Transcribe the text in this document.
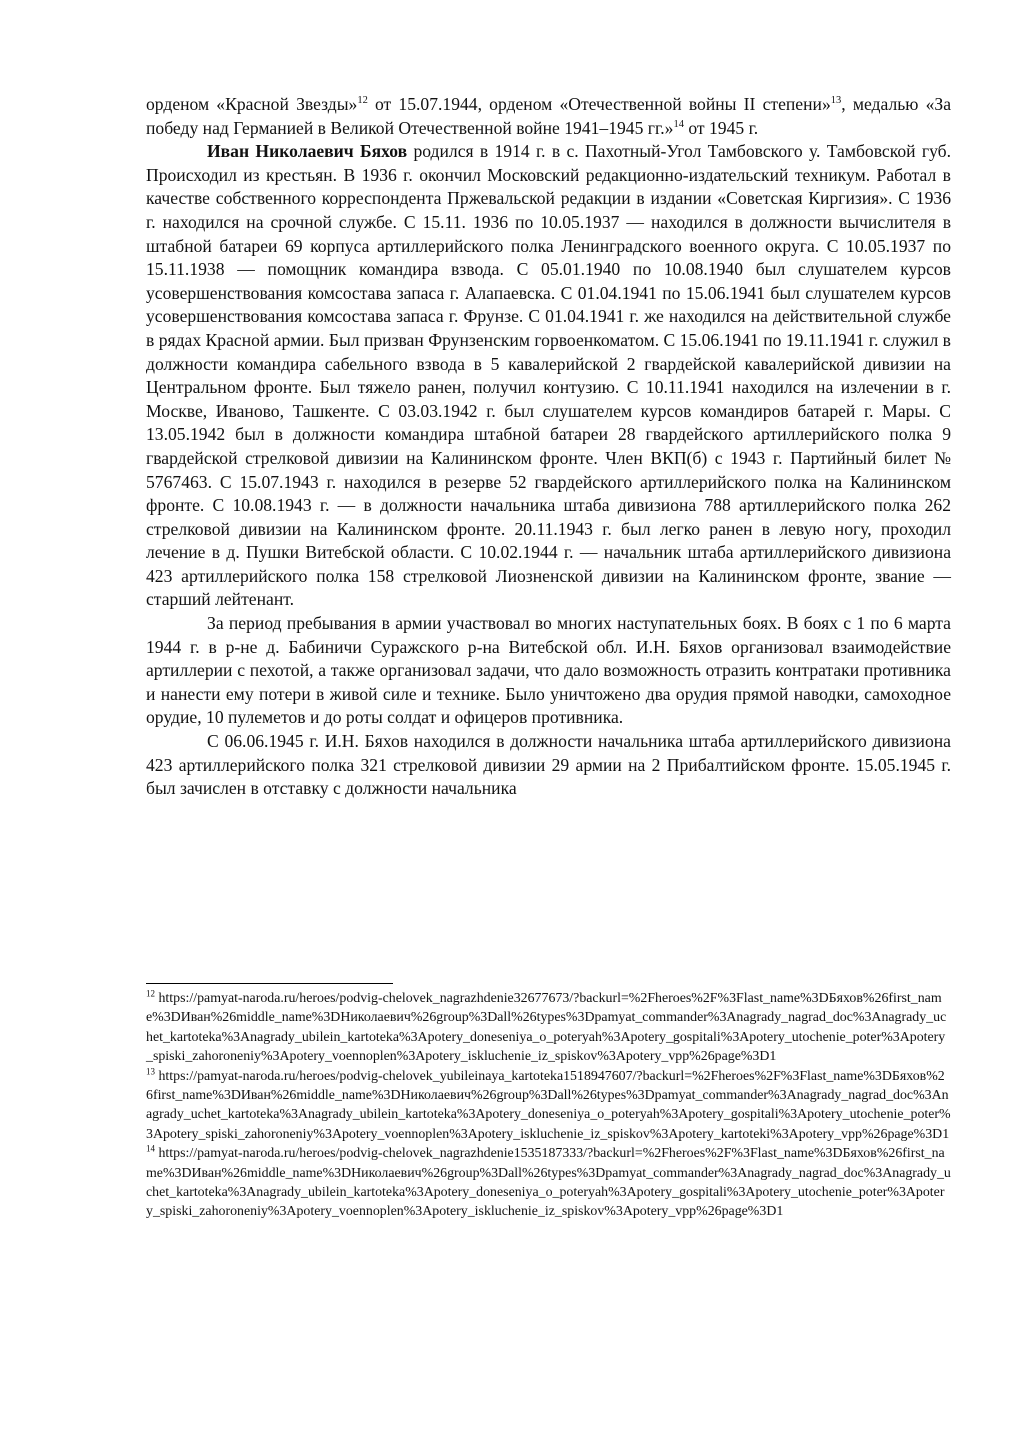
орденом «Красной Звезды»$^{12}$ от 15.07.1944, орденом «Отечественной войны II степени»$^{13}$, медалью «За победу над Германией в Великой Отечественной войне 1941–1945 гг.»$^{14}$ от 1945 г.

Иван Николаевич Бяхов родился в 1914 г. в с. Пахотный-Угол Тамбовского у. Тамбовской губ. Происходил из крестьян. В 1936 г. окончил Московский редакционно-издательский техникум. Работал в качестве собственного корреспондента Пржевальской редакции в издании «Советская Киргизия». С 1936 г. находился на срочной службе. С 15.11. 1936 по 10.05.1937 — находился в должности вычислителя в штабной батареи 69 корпуса артиллерийского полка Ленинградского военного округа. С 10.05.1937 по 15.11.1938 — помощник командира взвода. С 05.01.1940 по 10.08.1940 был слушателем курсов усовершенствования комсостава запаса г. Алапаевска. С 01.04.1941 по 15.06.1941 был слушателем курсов усовершенствования комсостава запаса г. Фрунзе. С 01.04.1941 г. же находился на действительной службе в рядах Красной армии. Был призван Фрунзенским горвоенкоматом. С 15.06.1941 по 19.11.1941 г. служил в должности командира сабельного взвода в 5 кавалерийской 2 гвардейской кавалерийской дивизии на Центральном фронте. Был тяжело ранен, получил контузию. С 10.11.1941 находился на излечении в г. Москве, Иваново, Ташкенте. С 03.03.1942 г. был слушателем курсов командиров батарей г. Мары. С 13.05.1942 был в должности командира штабной батареи 28 гвардейского артиллерийского полка 9 гвардейской стрелковой дивизии на Калининском фронте. Член ВКП(б) с 1943 г. Партийный билет № 5767463. С 15.07.1943 г. находился в резерве 52 гвардейского артиллерийского полка на Калининском фронте. С 10.08.1943 г. — в должности начальника штаба дивизиона 788 артиллерийского полка 262 стрелковой дивизии на Калининском фронте. 20.11.1943 г. был легко ранен в левую ногу, проходил лечение в д. Пушки Витебской области. С 10.02.1944 г. — начальник штаба артиллерийского дивизиона 423 артиллерийского полка 158 стрелковой Лиозненской дивизии на Калининском фронте, звание — старший лейтенант.

За период пребывания в армии участвовал во многих наступательных боях. В боях с 1 по 6 марта 1944 г. в р-не д. Бабиничи Суражского р-на Витебской обл. И.Н. Бяхов организовал взаимодействие артиллерии с пехотой, а также организовал задачи, что дало возможность отразить контратаки противника и нанести ему потери в живой силе и технике. Было уничтожено два орудия прямой наводки, самоходное орудие, 10 пулеметов и до роты солдат и офицеров противника.

С 06.06.1945 г. И.Н. Бяхов находился в должности начальника штаба артиллерийского дивизиона 423 артиллерийского полка 321 стрелковой дивизии 29 армии на 2 Прибалтийском фронте. 15.05.1945 г. был зачислен в отставку с должности начальника

$^{12}$ https://pamyat-naroda.ru/heroes/podvig-chelovek_nagrazhdenie32677673/?backurl=%2Fheroes%2F%3Flast_name%3DБяхов%26first_name%3DИван%26middle_name%3DНиколаевич%26group%3Dall%26types%3Dpamyat_commander%3Anagrady_nagrad_doc%3Anagrady_uchet_kartoteka%3Anagrady_ubilein_kartoteka%3Apotery_doneseniya_o_poteryah%3Apotery_gospitali%3Apotery_utochenie_poter%3Apotery_spiski_zahoroneniy%3Apotery_voennoplen%3Apotery_iskluchenie_iz_spiskov%3Apotery_vpp%26page%3D1

$^{13}$ https://pamyat-naroda.ru/heroes/podvig-chelovek_yubileinaya_kartoteka1518947607/?backurl=%2Fheroes%2F%3Flast_name%3DБяхов%26first_name%3DИван%26middle_name%3DНиколаевич%26group%3Dall%26types%3Dpamyat_commander%3Anagrady_nagrad_doc%3Anagrady_uchet_kartoteka%3Anagrady_ubilein_kartoteka%3Apotery_doneseniya_o_poteryah%3Apotery_gospitali%3Apotery_utochenie_poter%3Apotery_spiski_zahoroneniy%3Apotery_voennoplen%3Apotery_iskluchenie_iz_spiskov%3Apotery_kartoteki%3Apotery_vpp%26page%3D1

$^{14}$ https://pamyat-naroda.ru/heroes/podvig-chelovek_nagrazhdenie1535187333/?backurl=%2Fheroes%2F%3Flast_name%3DБяхов%26first_name%3DИван%26middle_name%3DНиколаевич%26group%3Dall%26types%3Dpamyat_commander%3Anagrady_nagrad_doc%3Anagrady_uchet_kartoteka%3Anagrady_ubilein_kartoteka%3Apotery_doneseniya_o_poteryah%3Apotery_gospitali%3Apotery_utochenie_poter%3Apotery_spiski_zahoroneniy%3Apotery_voennoplen%3Apotery_iskluchenie_iz_spiskov%3Apotery_vpp%26page%3D1
